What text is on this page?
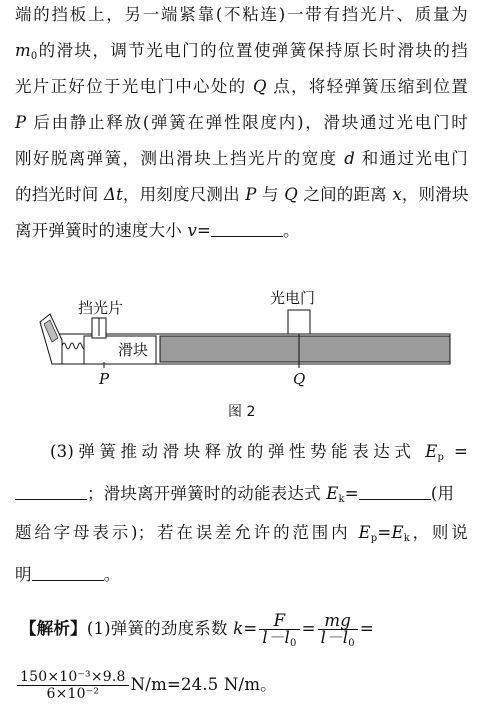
端的挡板上，另一端紧靠(不粘连)一带有挡光片、质量为
$m_0$的滑块，调节光电门的位置使弹簧保持原长时滑块的挡
光片正好位于光电门中心处的 Q 点，将轻弹簧压缩到位置
P 后由静止释放(弹簧在弹性限度内)，滑块通过光电门时
刚好脱离弹簧，测出滑块上挡光片的宽度 d 和通过光电门
的挡光时间 Δt，用刻度尺测出 P 与 Q 之间的距离 x，则滑块
离开弹簧时的速度大小 v=	。
挡光片
光电门
滑块
P	Q
图 2
(3)弹簧推动滑块释放的弹性势能表达式 $E_p$ =
；滑块离开弹簧时的动能表达式 $E_k=$	(用
题给字母表示)；若在误差允许的范围内 $E_p=E_k$，则说
明	。
【解析】(1)弹簧的劲度系数 $k= \frac{F}{l-l_0} = \frac{mg}{l-l_0}$ =
$\frac{\text{150×10⁻³×9.8}}{\text{6×10⁻²}} N/m=24.5$ N/m。
